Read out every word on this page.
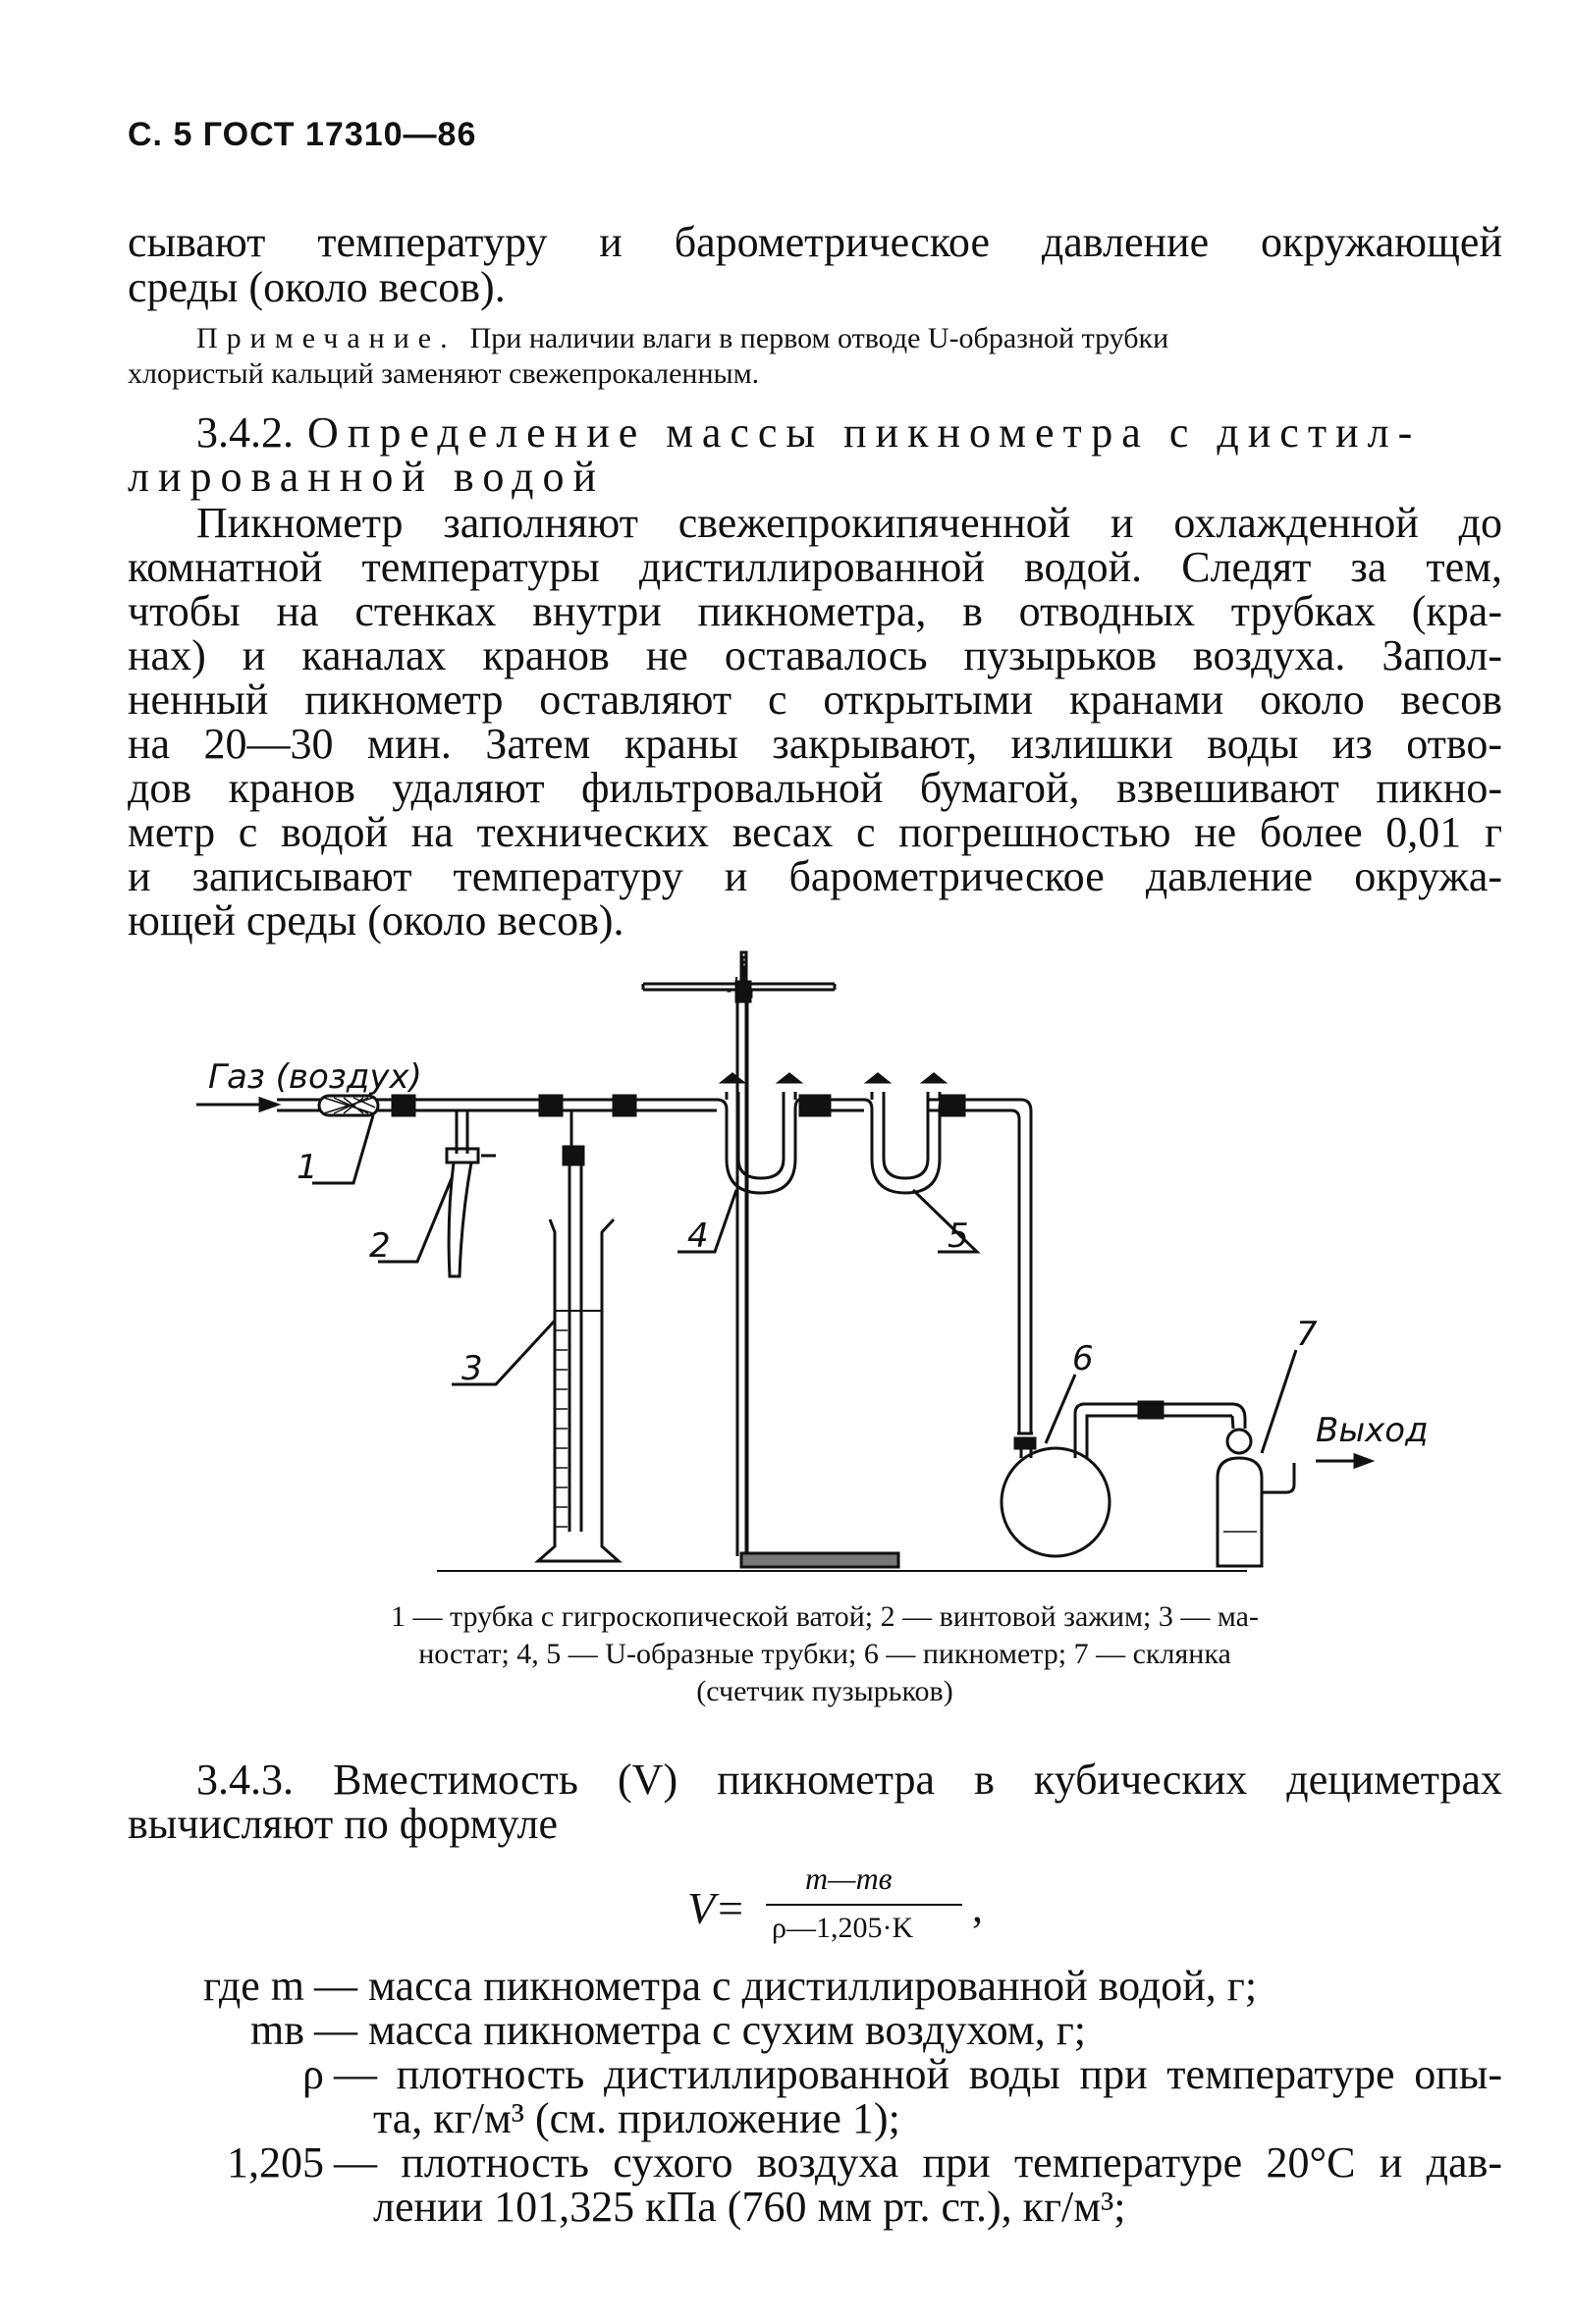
С. 5 ГОСТ 17310—86
сывают температуру и барометрическое давление окружающей
среды (около весов).
Примечание. При наличии влаги в первом отводе U-образной трубки
хлористый кальций заменяют свежепрокаленным.
3.4.2. Определение массы пикнометра с дистил-
лированной водой
Пикнометр заполняют свежепрокипяченной и охлажденной до
комнатной температуры дистиллированной водой. Следят за тем,
чтобы на стенках внутри пикнометра, в отводных трубках (кра-
нах) и каналах кранов не оставалось пузырьков воздуха. Запол-
ненный пикнометр оставляют с открытыми кранами около весов
на 20—30 мин. Затем краны закрывают, излишки воды из отво-
дов кранов удаляют фильтровальной бумагой, взвешивают пикно-
метр с водой на технических весах с погрешностью не более 0,01 г
и записывают температуру и барометрическое давление окружа-
ющей среды (около весов).
Газ (воздух)
Выход
1
2
3
4	5
6
7
1 — трубка с гигроскопической ватой; 2 — винтовой зажим; 3 — ма-
ностат; 4, 5 — U-образные трубки; 6 — пикнометр; 7 — склянка
(счетчик пузырьков)
3.4.3. Вместимость (V) пикнометра в кубических дециметрах
вычисляют по формуле
V=
m—mв
ρ—1,205·K ,
где m — масса пикнометра с дистиллированной водой, г;
mв — масса пикнометра с сухим воздухом, г;
ρ — плотность дистиллированной воды при температуре опы-
та, кг/м³ (см. приложение 1);
1,205 — плотность сухого воздуха при температуре 20°С и дав-
лении 101,325 кПа (760 мм рт. ст.), кг/м³;
